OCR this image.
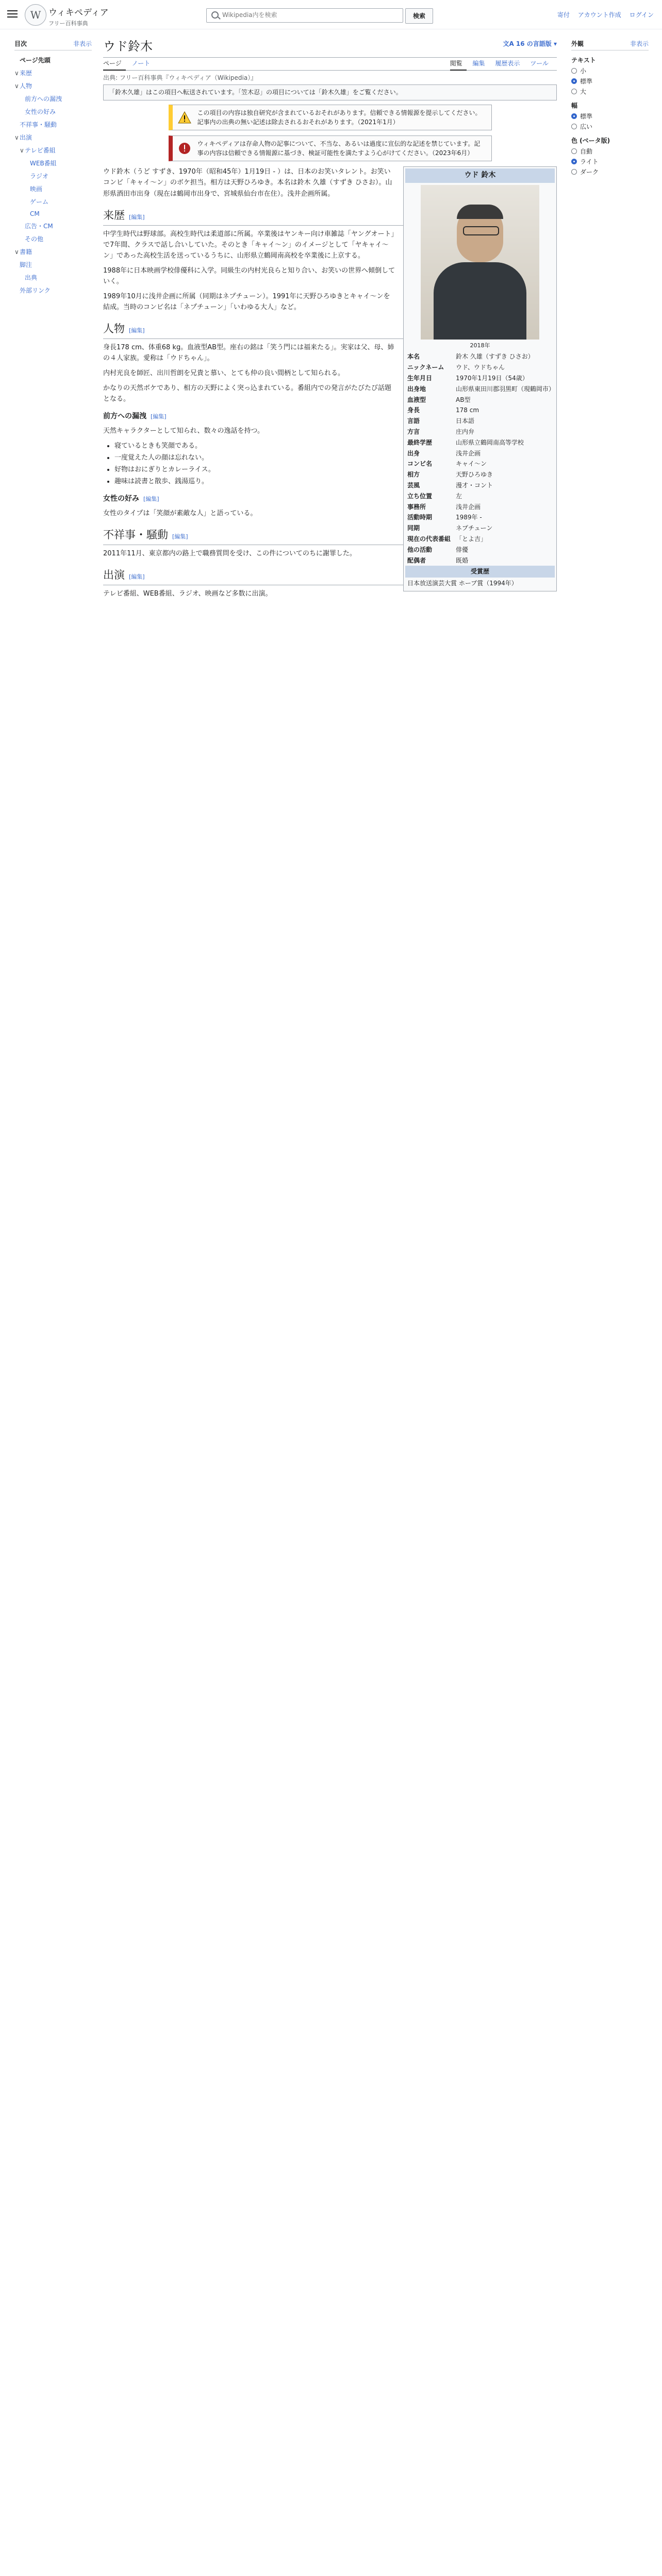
W ウィキペディア
フリー百科事典
Wikipedia内を検索
検索	寄付 アカウント作成 ログイン
目次	非表示
ページ先頭
∨来歴
∨人物
前方への漏洩
女性の好み
不祥事・騒動
∨出演
∨テレビ番組
WEB番組
ラジオ
映画
ゲーム
CM
広告・CM
その他
∨書籍
脚注
出典
外部リンク
ウド鈴木	文A 16 の言語版 ▾
ページ ノート	閲覧 編集 履歴表示 ツール
出典: フリー百科事典『ウィキペディア（Wikipedia）』
「鈴木久雄」はこの項目へ転送されています。「笠木忍」の項目については「鈴木久雄」をご覧ください。
この項目の内容は独自研究が含まれているおそれがあります。信頼できる情報源を提示してください。記事内の出典の無い記述は除去されるおそれがあります。（2021年1月）
ウィキペディアは存命人物の記事について、不当な、あるいは過度に宣伝的な記述を禁じています。記事の内容は信頼できる情報源に基づき、検証可能性を満たすよう心がけてください。（2023年6月）
ウド 鈴木
2018年
本名	鈴木 久雄（すずき ひさお）
ニックネーム	ウド、ウドちゃん
生年月日	1970年1月19日（54歳）
出身地	山形県東田川郡羽黒町（現鶴岡市）
血液型	AB型
身長	178 cm
言語	日本語
方言	庄内弁
最終学歴	山形県立鶴岡南高等学校
出身	浅井企画
コンビ名	キャイ〜ン
相方	天野ひろゆき
芸風	漫才・コント
立ち位置	左
事務所	浅井企画
活動時期	1989年 -
同期	ネプチューン
現在の代表番組	「とよ吉」
他の活動	俳優
配偶者	既婚
受賞歴
日本放送演芸大賞 ホープ賞（1994年）

ウド鈴木（うど すずき、1970年（昭和45年）1月19日 - ）は、日本のお笑いタレント。お笑いコンビ「キャイ〜ン」のボケ担当。相方は天野ひろゆき。本名は鈴木 久雄（すずき ひさお）。山形県酒田市出身（現在は鶴岡市出身で、宮城県仙台市在住）。浅井企画所属。

来歴 [編集]

中学生時代は野球部。高校生時代は柔道部に所属。卒業後はヤンキー向け車雑誌「ヤングオート」で7年間、クラスで話し合いしていた。そのとき「キャイ〜ン」のイメージとして「ヤキャイ〜ン」であった高校生活を送っているうちに、山形県立鶴岡南高校を卒業後に上京する。

1988年に日本映画学校俳優科に入学。同級生の内村光良らと知り合い、お笑いの世界へ傾倒していく。

1989年10月に浅井企画に所属（同期はネプチューン）。1991年に天野ひろゆきとキャイ〜ンを結成。当時のコンビ名は「ネプチューン」「いわゆる大人」など。

人物 [編集]

身長178 cm、体重68 kg。血液型AB型。座右の銘は「笑う門には福来たる」。実家は父、母、姉の４人家族。愛称は「ウドちゃん」。

内村光良を師匠、出川哲朗を兄貴と慕い、とても仲の良い間柄として知られる。

かなりの天然ボケであり、相方の天野によく突っ込まれている。番組内での発言がたびたび話題となる。

前方への漏洩 [編集]

天然キャラクターとして知られ、数々の逸話を持つ。

• 寝ているときも笑顔である。
• 一度覚えた人の顔は忘れない。
• 好物はおにぎりとカレーライス。
• 趣味は読書と散歩、銭湯巡り。
女性の好み [編集]

女性のタイプは「笑顔が素敵な人」と語っている。

不祥事・騒動 [編集]

2011年11月、東京都内の路上で職務質問を受け、この件についてのちに謝罪した。

出演 [編集]

テレビ番組、WEB番組、ラジオ、映画など多数に出演。

外観	非表示
テキスト
小
標準
大
幅
標準
広い
色 (ベータ版)
自動
ライト
ダーク
